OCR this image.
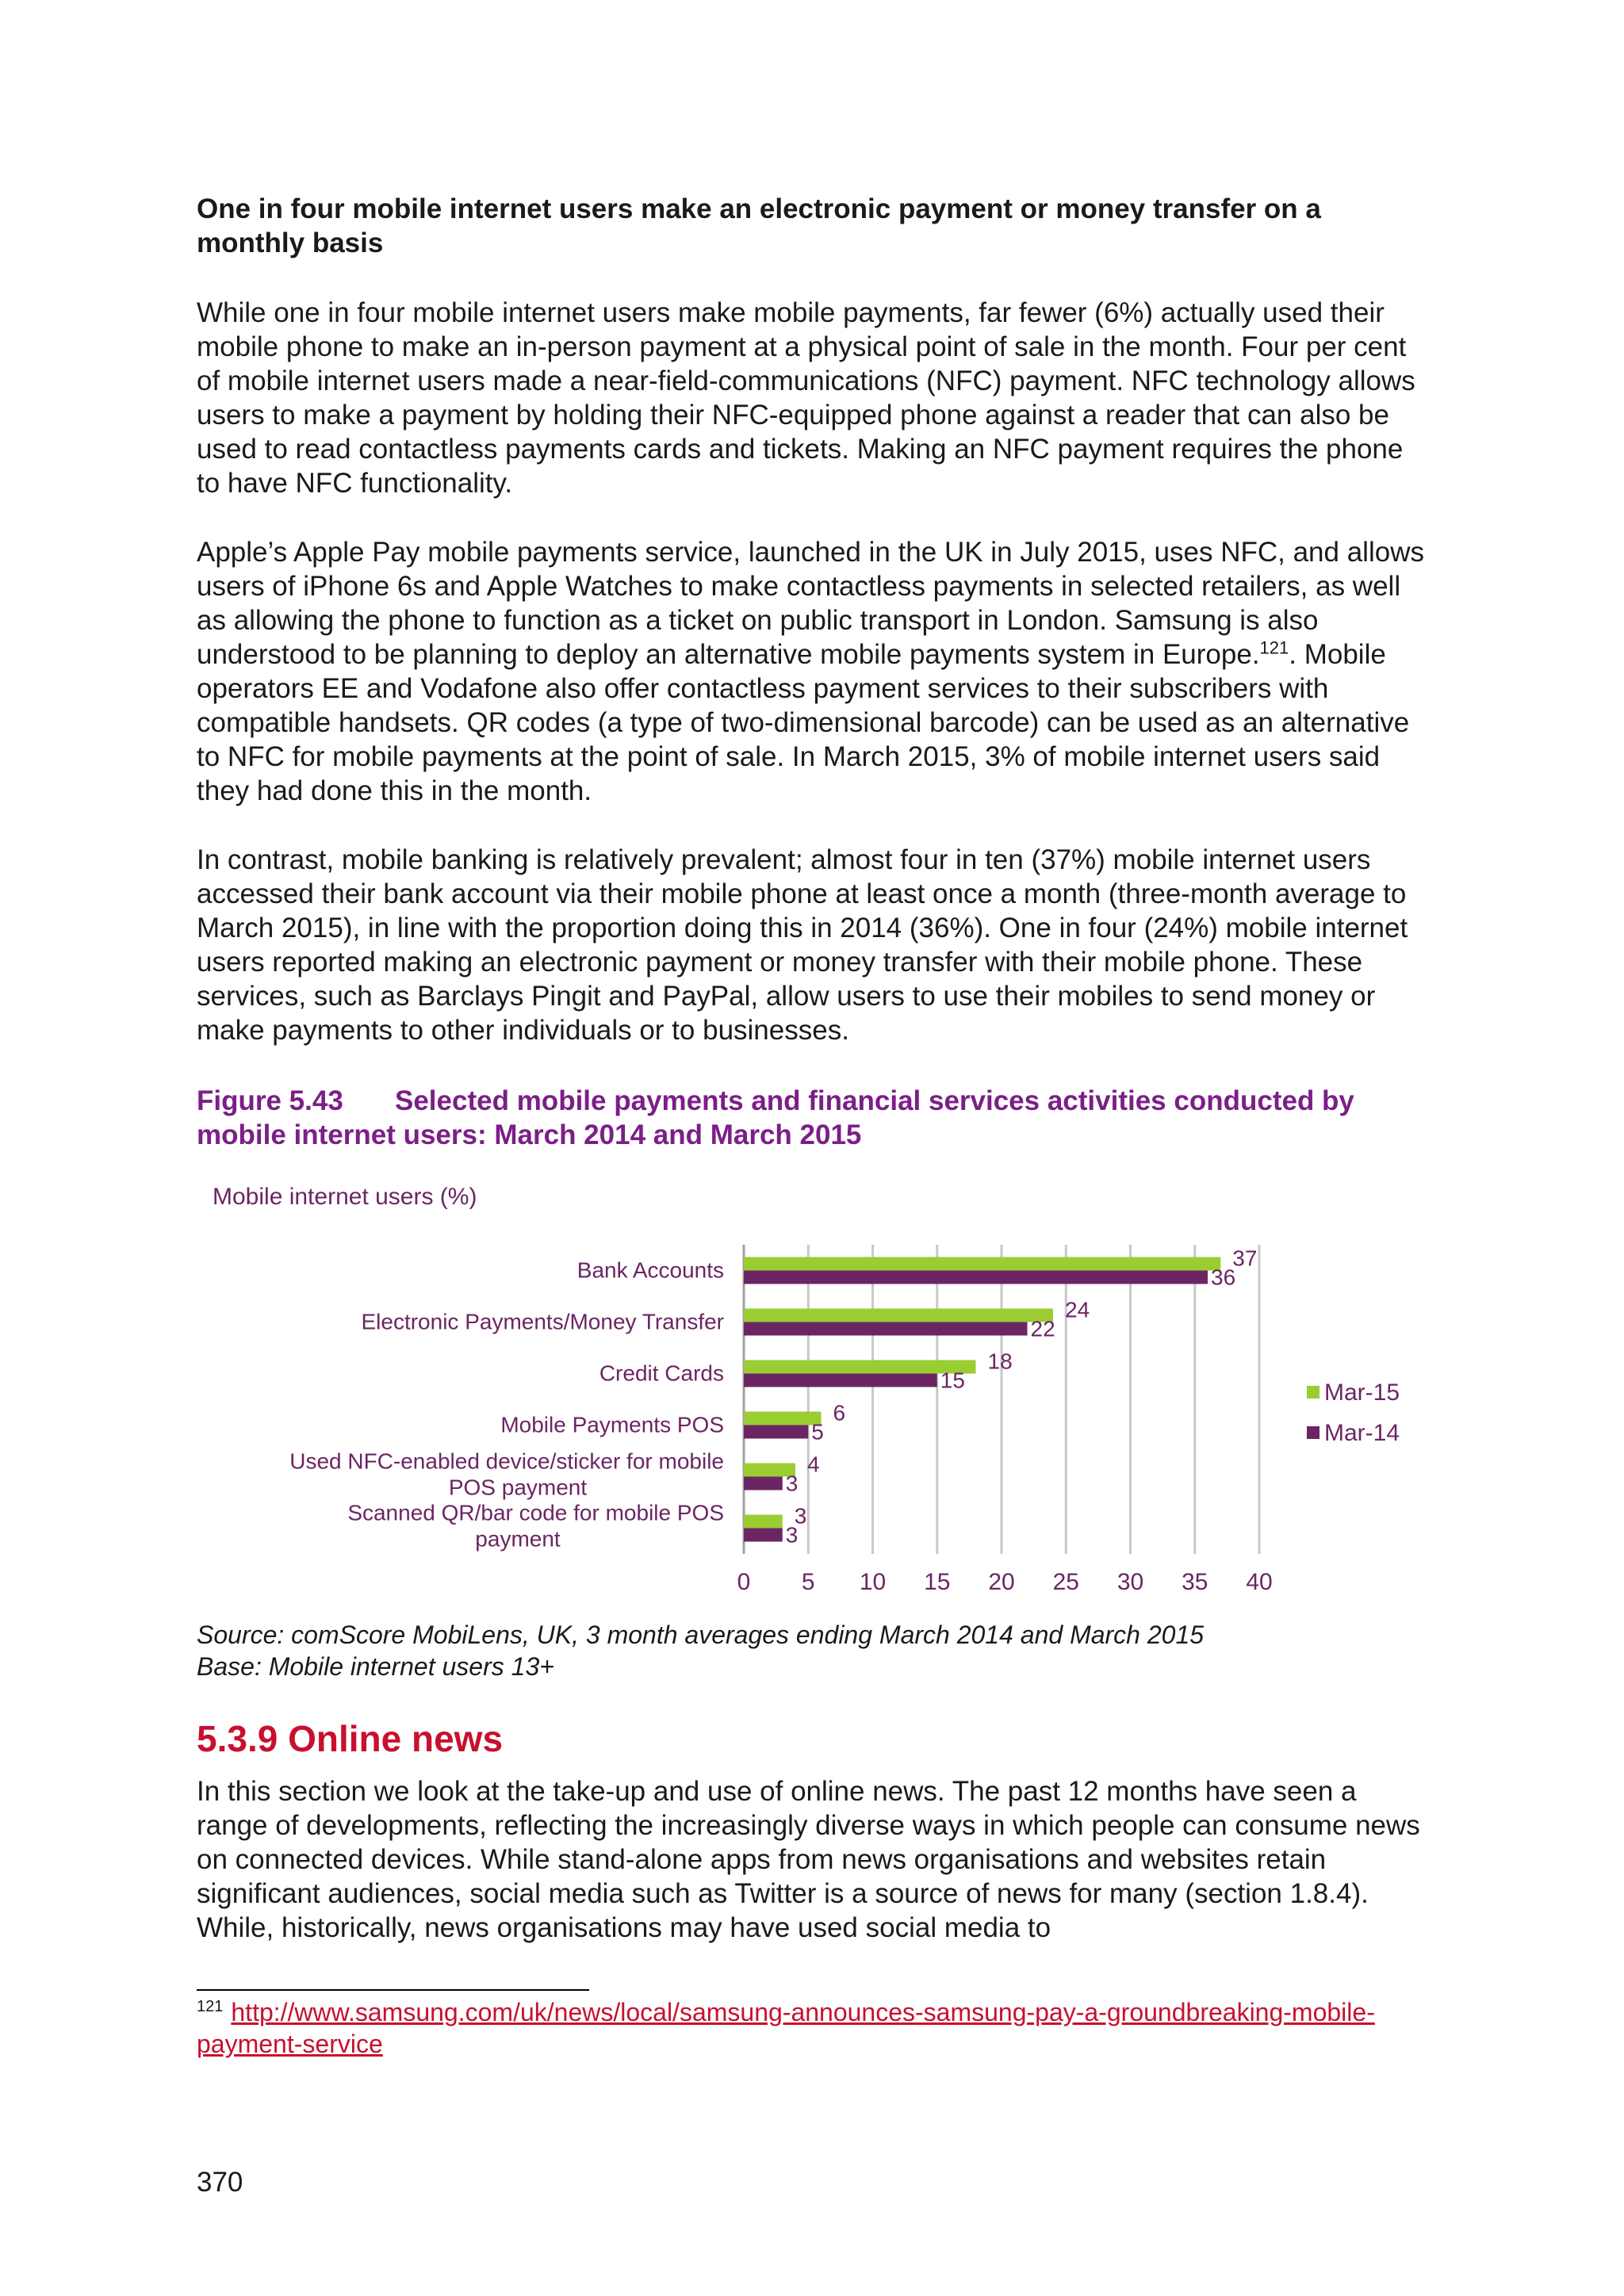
One in four mobile internet users make an electronic payment or money transfer on a monthly basis

While one in four mobile internet users make mobile payments, far fewer (6%) actually used their mobile phone to make an in-person payment at a physical point of sale in the month. Four per cent of mobile internet users made a near-field-communications (NFC) payment. NFC technology allows users to make a payment by holding their NFC-equipped phone against a reader that can also be used to read contactless payments cards and tickets. Making an NFC payment requires the phone to have NFC functionality.

Apple’s Apple Pay mobile payments service, launched in the UK in July 2015, uses NFC, and allows users of iPhone 6s and Apple Watches to make contactless payments in selected retailers, as well as allowing the phone to function as a ticket on public transport in London. Samsung is also understood to be planning to deploy an alternative mobile payments system in Europe.$^{121}$. Mobile operators EE and Vodafone also offer contactless payment services to their subscribers with compatible handsets. QR codes (a type of two-dimensional barcode) can be used as an alternative to NFC for mobile payments at the point of sale. In March 2015, 3% of mobile internet users said they had done this in the month.

In contrast, mobile banking is relatively prevalent; almost four in ten (37%) mobile internet users accessed their bank account via their mobile phone at least once a month (three-month average to March 2015), in line with the proportion doing this in 2014 (36%). One in four (24%) mobile internet users reported making an electronic payment or money transfer with their mobile phone. These services, such as Barclays Pingit and PayPal, allow users to use their mobiles to send money or make payments to other individuals or to businesses.

Figure 5.43 Selected mobile payments and financial services activities conducted by mobile internet users: March 2014 and March 2015
Mobile internet users (%)
Bank Accounts
Electronic Payments/Money Transfer
Credit Cards
Mobile Payments POS
Used NFC-enabled device/sticker for mobile POS payment
Scanned QR/bar code for mobile POS payment
37
36
24
22
18
15
6
5
4
3
3
3
0 5 10 15 20 25 30 35 40
Mar-15
Mar-14
Source: comScore MobiLens, UK, 3 month averages ending March 2014 and March 2015
Base: Mobile internet users 13+
5.3.9 Online news

In this section we look at the take-up and use of online news. The past 12 months have seen a range of developments, reflecting the increasingly diverse ways in which people can consume news on connected devices. While stand-alone apps from news organisations and websites retain significant audiences, social media such as Twitter is a source of news for many (section 1.8.4). While, historically, news organisations may have used social media to

$^{121}$ http://www.samsung.com/uk/news/local/samsung-announces-samsung-pay-a-groundbreaking-mobile-payment-service
370
